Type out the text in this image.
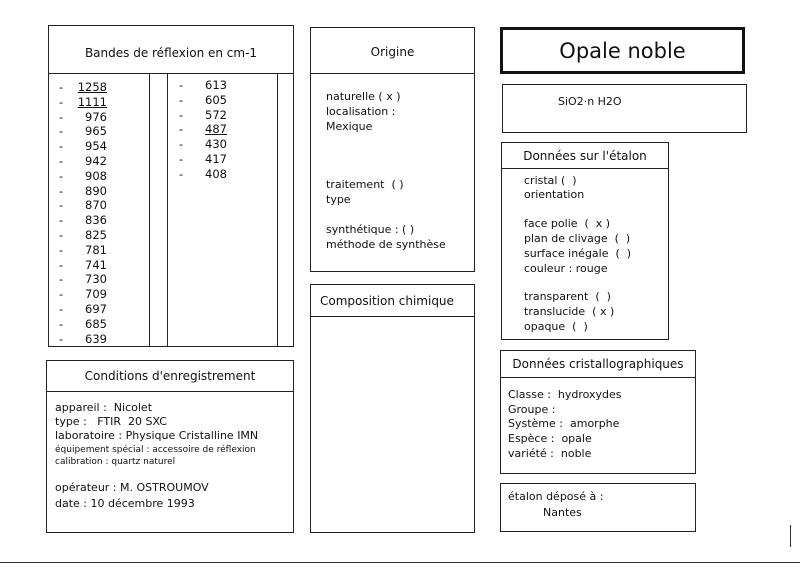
Bandes de réflexion en cm-1
- 1258
- 1111
- 976
- 965
- 954
- 942
- 908
- 890
- 870
- 836
- 825
- 781
- 741
- 730
- 709
- 697
- 685
- 639
- 613
- 605
- 572
- 487
- 430
- 417
- 408
Conditions d'enregistrement
appareil :  Nicolet
type :   FTIR  20 SXC
laboratoire : Physique Cristalline IMN
équipement spécial : accessoire de réflexion
calibration : quartz naturel
opérateur : M. OSTROUMOV
date : 10 décembre 1993
Origine
naturelle ( x )
localisation :
Mexique
traitement  ( )
type
synthétique : ( )
méthode de synthèse
Composition chimique
Opale noble
SiO2·n H2O
Données sur l'étalon
cristal (  )
orientation
face polie  (  x )
plan de clivage  (  )
surface inégale  (  )
couleur : rouge
transparent  (  )
translucide  ( x )
opaque  (  )
Données cristallographiques
Classe :  hydroxydes
Groupe :
Système :  amorphe
Espèce :  opale
variété :  noble
étalon déposé à :
Nantes
